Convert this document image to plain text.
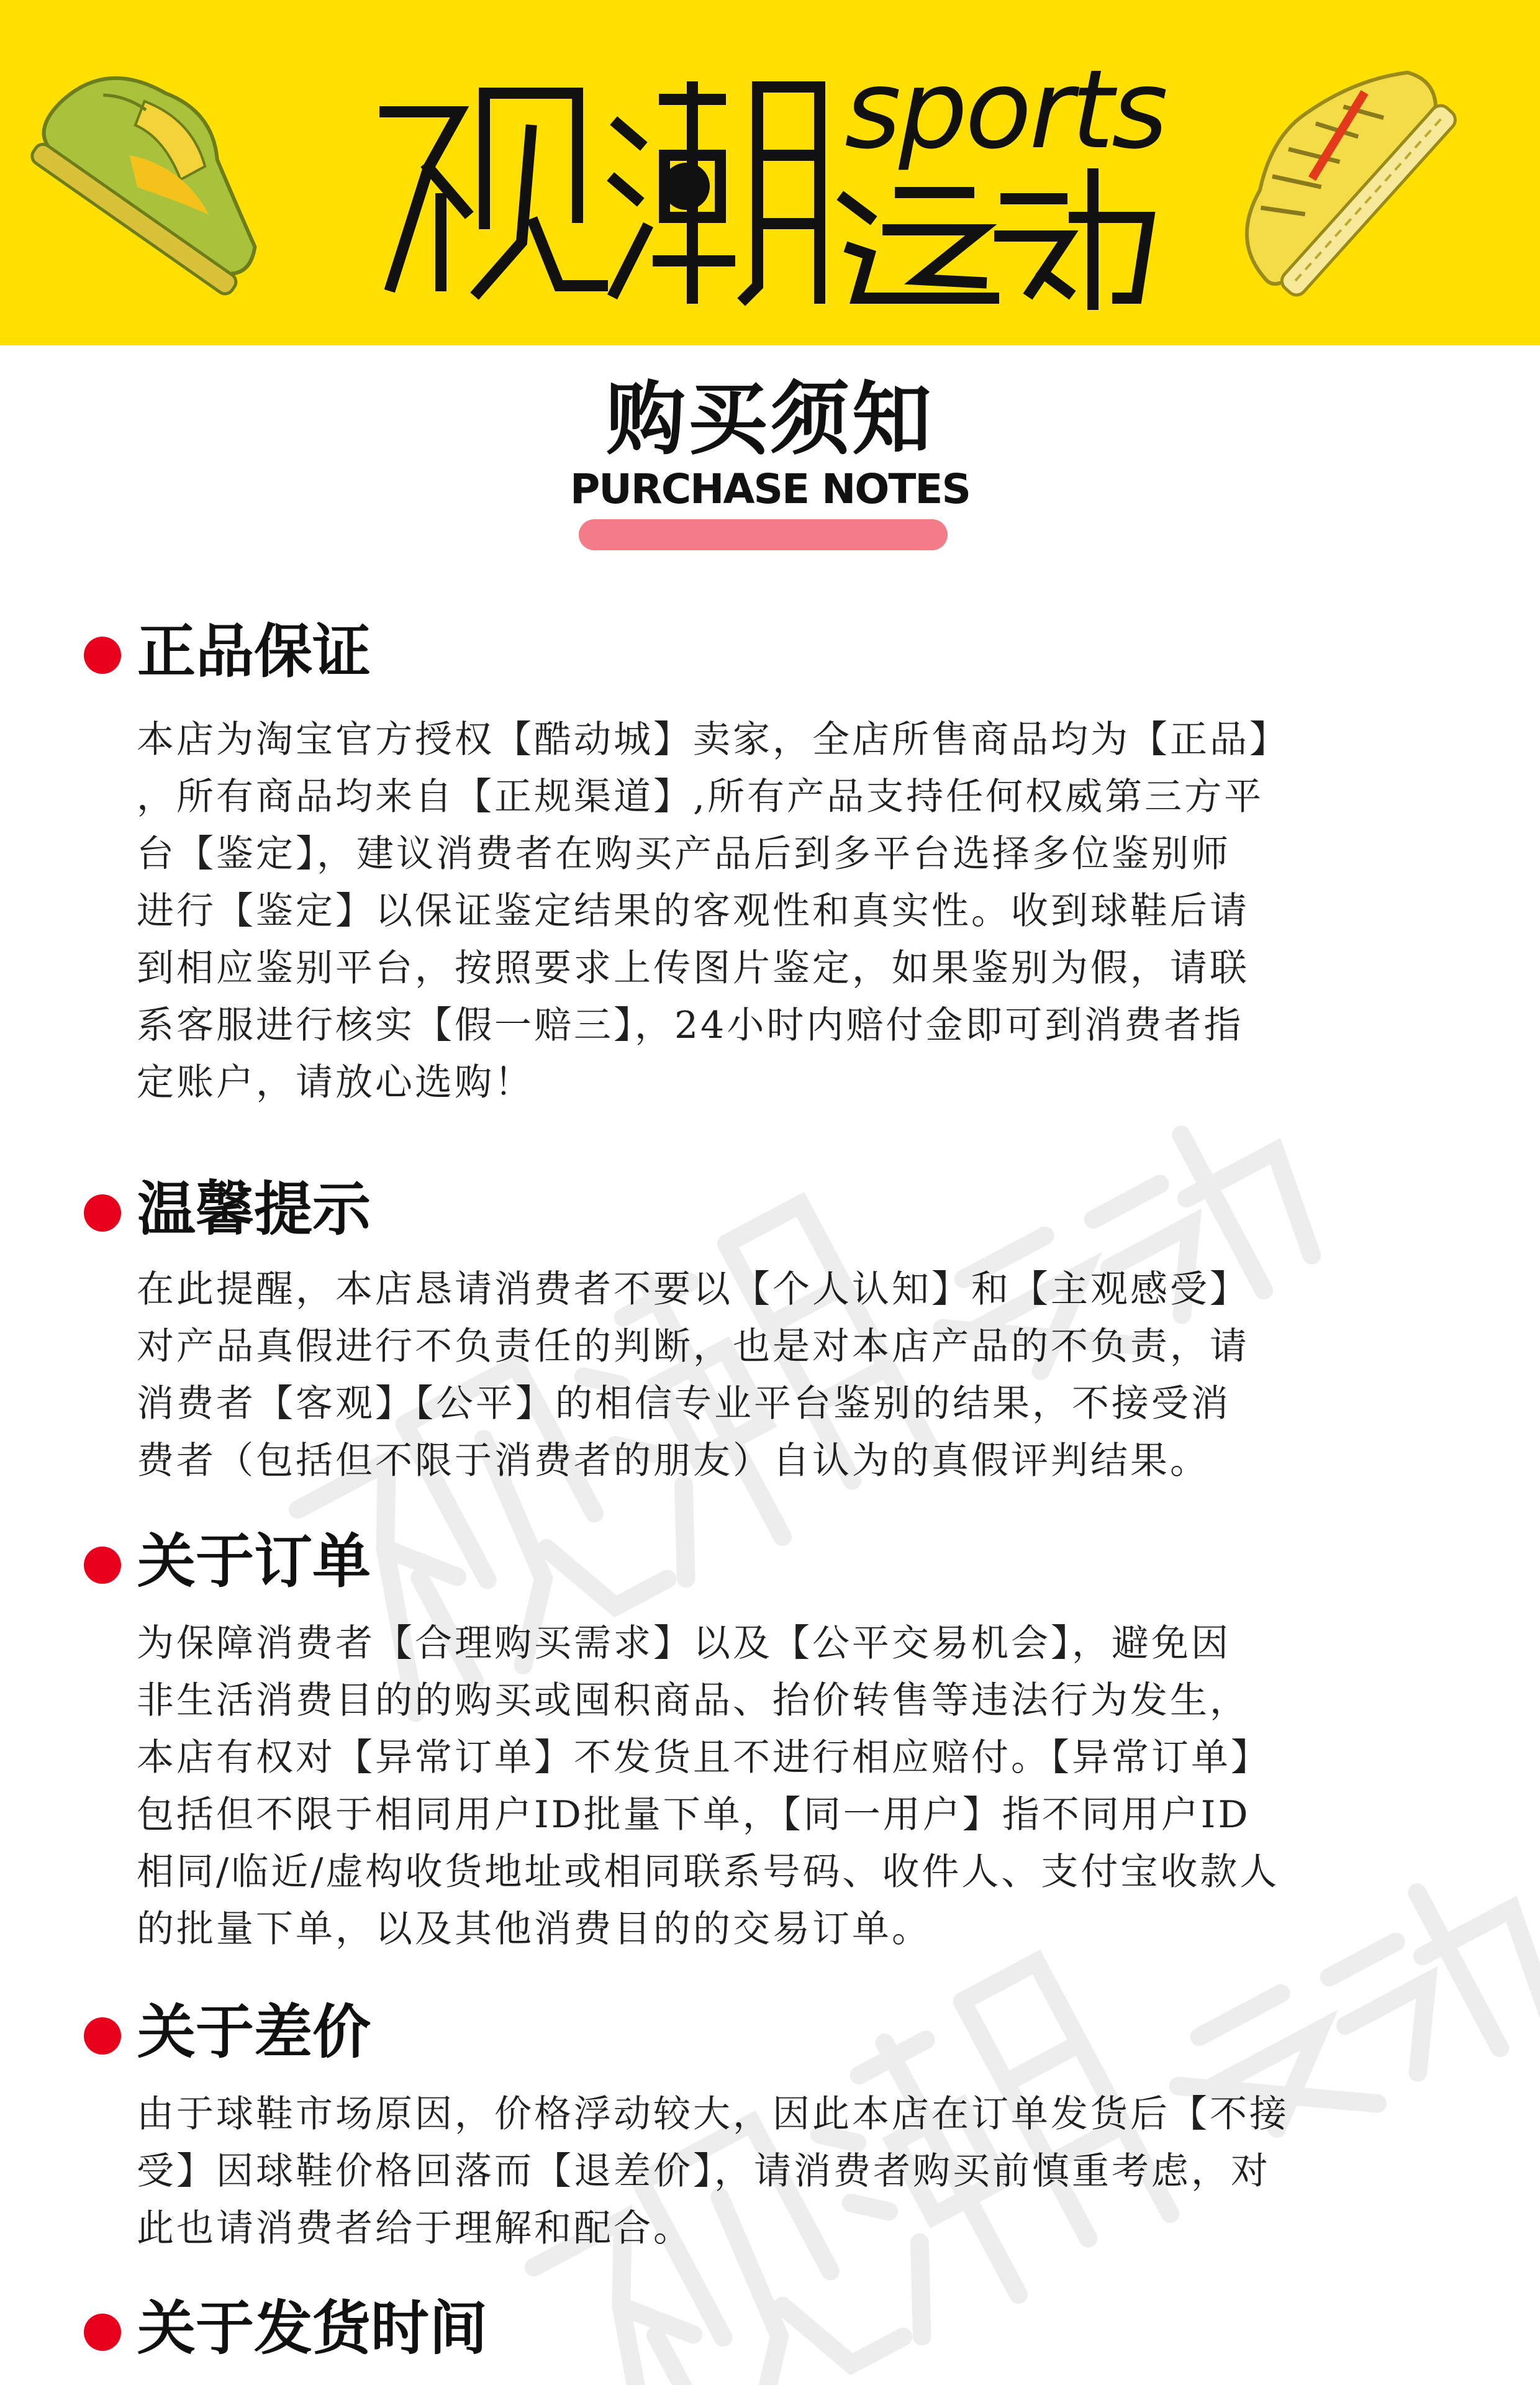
sports
购买须知
PURCHASE NOTES
正品保证

本店为淘宝官方授权【酷动城】卖家，全店所售商品均为【正品】

，所有商品均来自【正规渠道】,所有产品支持任何权威第三方平

台【鉴定】，建议消费者在购买产品后到多平台选择多位鉴别师

进行【鉴定】以保证鉴定结果的客观性和真实性。收到球鞋后请

到相应鉴别平台，按照要求上传图片鉴定，如果鉴别为假，请联

系客服进行核实【假一赔三】，24小时内赔付金即可到消费者指

定账户，请放心选购！

温馨提示

在此提醒，本店恳请消费者不要以【个人认知】和【主观感受】

对产品真假进行不负责任的判断，也是对本店产品的不负责，请

消费者【客观】【公平】的相信专业平台鉴别的结果，不接受消

费者（包括但不限于消费者的朋友）自认为的真假评判结果。

关于订单

为保障消费者【合理购买需求】以及【公平交易机会】，避免因

非生活消费目的的购买或囤积商品、抬价转售等违法行为发生，

本店有权对【异常订单】不发货且不进行相应赔付。【异常订单】

包括但不限于相同用户ID批量下单，【同一用户】指不同用户ID

相同/临近/虚构收货地址或相同联系号码、收件人、支付宝收款人

的批量下单，以及其他消费目的的交易订单。

关于差价

由于球鞋市场原因，价格浮动较大，因此本店在订单发货后【不接

受】因球鞋价格回落而【退差价】，请消费者购买前慎重考虑，对

此也请消费者给于理解和配合。

关于发货时间
